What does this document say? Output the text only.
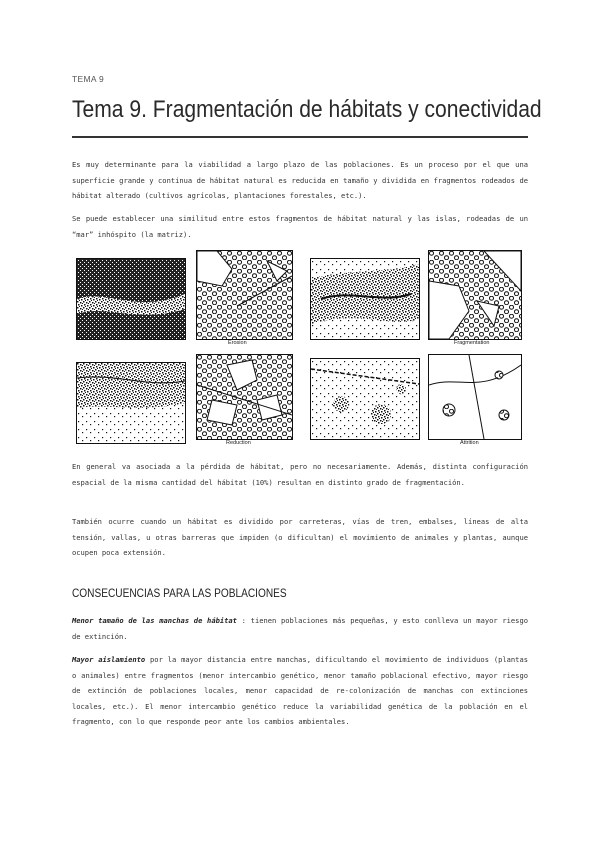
TEMA 9
Tema 9. Fragmentación de hábitats y conectividad

Es muy determinante para la viabilidad a largo plazo de las poblaciones. Es un proceso por el que una superficie grande y continua de hábitat natural es reducida en tamaño y dividida en fragmentos rodeados de hábitat alterado (cultivos agrícolas, plantaciones forestales, etc.).

Se puede establecer una similitud entre estos fragmentos de hábitat natural y las islas, rodeadas de un “mar” inhóspito (la matriz).

Erosion	Fragmentation
Reduction	Attrition

En general va asociada a la pérdida de hábitat, pero no necesariamente. Además, distinta configuración espacial de la misma cantidad del hábitat (10%) resultan en distinto grado de fragmentación.

También ocurre cuando un hábitat es dividido por carreteras, vías de tren, embalses, líneas de alta tensión, vallas, u otras barreras que impiden (o dificultan) el movimiento de animales y plantas, aunque ocupen poca extensión.

CONSECUENCIAS PARA LAS POBLACIONES

Menor tamaño de las manchas de hábitat : tienen poblaciones más pequeñas, y esto conlleva un mayor riesgo de extinción.

Mayor aislamiento por la mayor distancia entre manchas, dificultando el movimiento de individuos (plantas o animales) entre fragmentos (menor intercambio genético, menor tamaño poblacional efectivo, mayor riesgo de extinción de poblaciones locales, menor capacidad de re-colonización de manchas con extinciones locales, etc.). El menor intercambio genético reduce la variabilidad genética de la población en el fragmento, con lo que responde peor ante los cambios ambientales.
